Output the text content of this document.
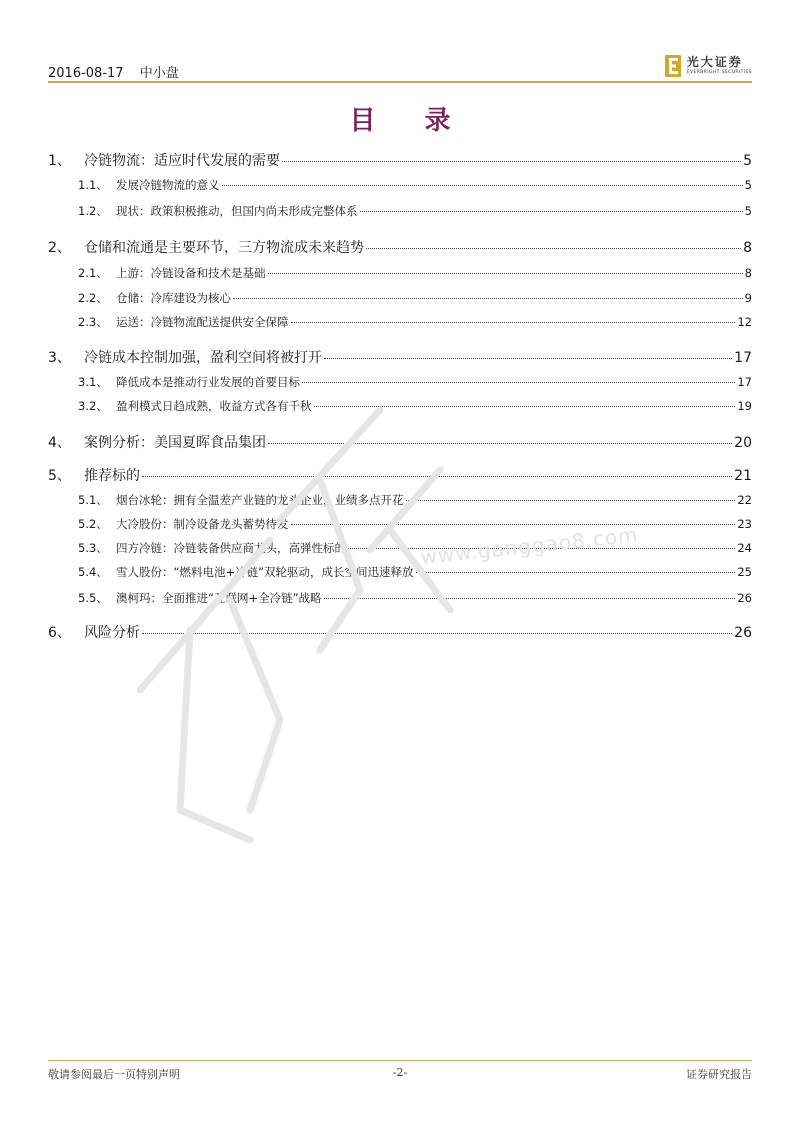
2016-08-17 中小盘
光大证券
EVERBRIGHT SECURITIES
目 录
1、 冷链物流：适应时代发展的需要	5
1.1、 发展冷链物流的意义	5
1.2、 现状：政策积极推动，但国内尚未形成完整体系	5
2、 仓储和流通是主要环节，三方物流成未来趋势	8
2.1、 上游：冷链设备和技术是基础	8
2.2、 仓储：冷库建设为核心	9
2.3、 运送：冷链物流配送提供安全保障	12
3、 冷链成本控制加强，盈利空间将被打开	17
3.1、 降低成本是推动行业发展的首要目标	17
3.2、 盈利模式日趋成熟，收益方式各有千秋	19
4、 案例分析：美国夏晖食品集团	20
5、 推荐标的	21
5.1、 烟台冰轮：拥有全温差产业链的龙头企业，业绩多点开花	22
5.2、 大冷股份：制冷设备龙头蓄势待发	23
5.3、 四方冷链：冷链装备供应商龙头，高弹性标的	24
5.4、 雪人股份：“燃料电池+冷链”双轮驱动，成长空间迅速释放	25
5.5、 澳柯玛：全面推进“互联网+全冷链”战略	26
6、 风险分析	26
www.ganggao8.com
敬请参阅最后一页特别声明	-2-	证券研究报告
